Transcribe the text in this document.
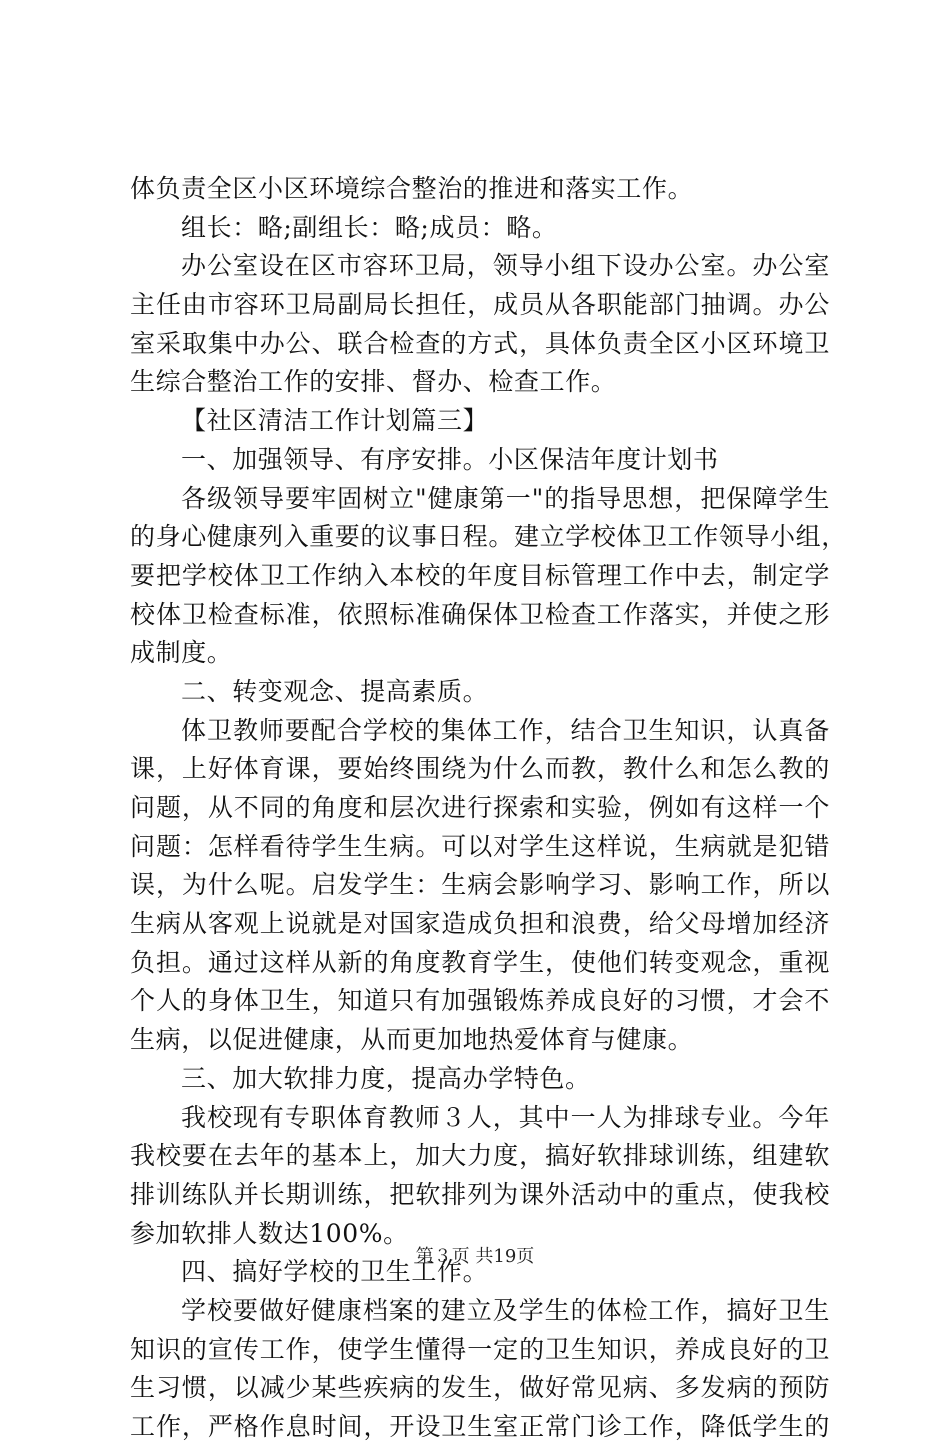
体负责全区小区环境综合整治的推进和落实工作。
组长：略;副组长：略;成员：略。
办公室设在区市容环卫局，领导小组下设办公室。办公室
主任由市容环卫局副局长担任，成员从各职能部门抽调。办公
室采取集中办公、联合检查的方式，具体负责全区小区环境卫
生综合整治工作的安排、督办、检查工作。
【社区清洁工作计划篇三】
一、加强领导、有序安排。小区保洁年度计划书
各级领导要牢固树立"健康第一"的指导思想，把保障学生
的身心健康列入重要的议事日程。建立学校体卫工作领导小组，
要把学校体卫工作纳入本校的年度目标管理工作中去，制定学
校体卫检查标准，依照标准确保体卫检查工作落实，并使之形
成制度。
二、转变观念、提高素质。
体卫教师要配合学校的集体工作，结合卫生知识，认真备
课，上好体育课，要始终围绕为什么而教，教什么和怎么教的
问题，从不同的角度和层次进行探索和实验，例如有这样一个
问题：怎样看待学生生病。可以对学生这样说，生病就是犯错
误，为什么呢。启发学生：生病会影响学习、影响工作，所以
生病从客观上说就是对国家造成负担和浪费，给父母增加经济
负担。通过这样从新的角度教育学生，使他们转变观念，重视
个人的身体卫生，知道只有加强锻炼养成良好的习惯，才会不
生病，以促进健康，从而更加地热爱体育与健康。
三、加大软排力度，提高办学特色。
我校现有专职体育教师３人，其中一人为排球专业。今年
我校要在去年的基本上，加大力度，搞好软排球训练，组建软
排训练队并长期训练，把软排列为课外活动中的重点，使我校
参加软排人数达100%。
四、搞好学校的卫生工作。
学校要做好健康档案的建立及学生的体检工作，搞好卫生
知识的宣传工作，使学生懂得一定的卫生知识，养成良好的卫
生习惯，以减少某些疾病的发生，做好常见病、多发病的预防
工作，严格作息时间，开设卫生室正常门诊工作，降低学生的
第３页 共19页
